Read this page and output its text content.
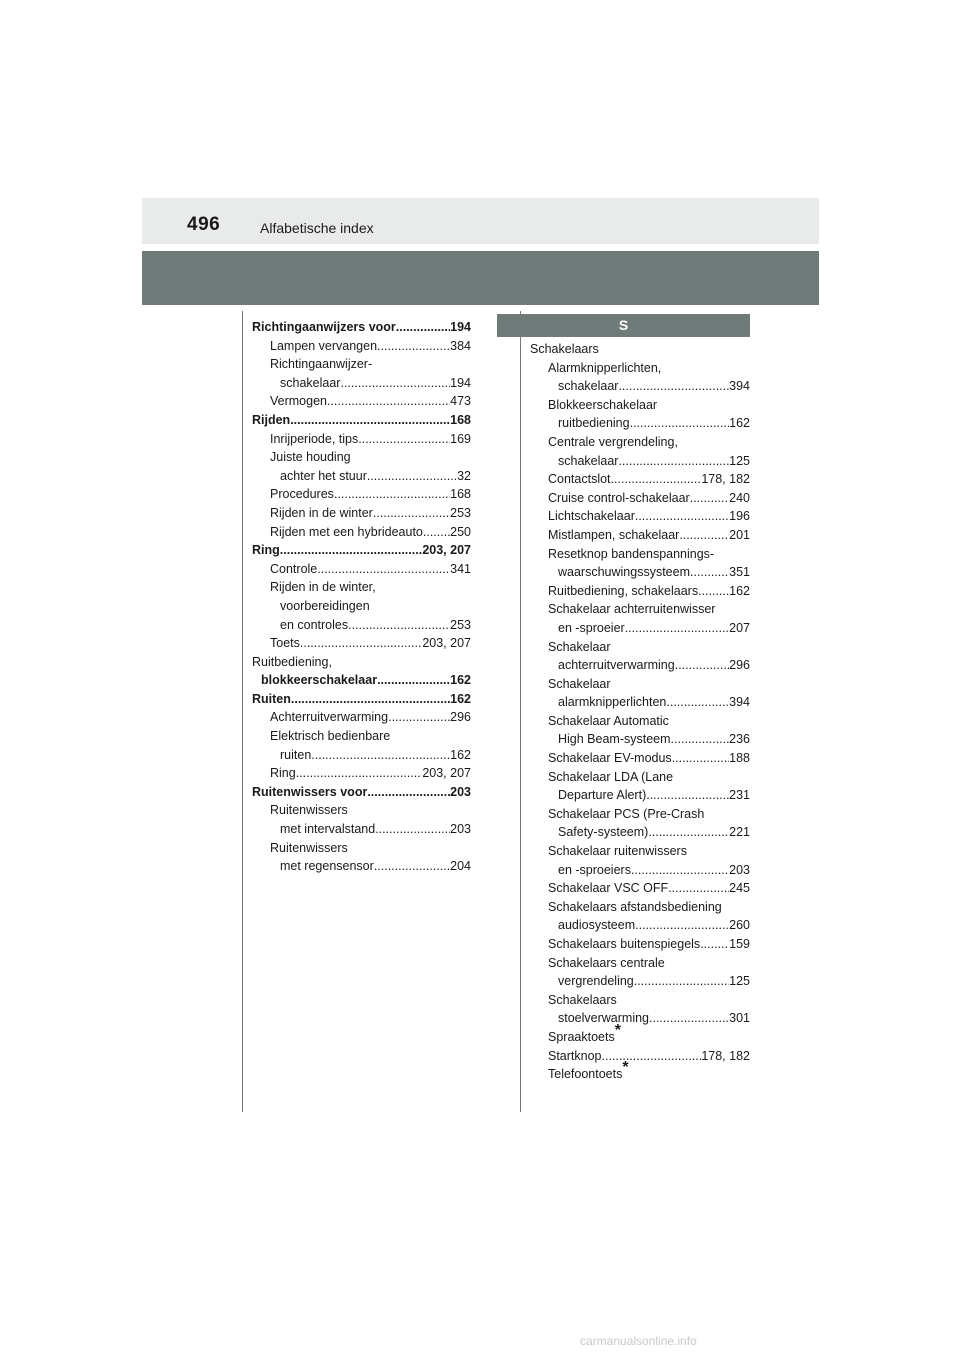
496	Alfabetische index
S
Richtingaanwijzers voor .....	194
Lampen vervangen .....	384
Richtingaanwijzer-
schakelaar .....	194
Vermogen .....	473
Rijden .....	168
Inrijperiode, tips .....	169
Juiste houding
achter het stuur .....	32
Procedures .....	168
Rijden in de winter .....	253
Rijden met een hybrideauto ..... 250
Ring .....	203, 207
Controle .....	341
Rijden in de winter,
voorbereidingen
en controles .....	253
Toets .....	203, 207
Ruitbediening,
blokkeerschakelaar .....	162
Ruiten .....	162
Achterruitverwarming .....	296
Elektrisch bedienbare
ruiten .....	162
Ring .....	203, 207
Ruitenwissers voor .....	203
Ruitenwissers
met intervalstand .....	203
Ruitenwissers
met regensensor .....	204
Schakelaars
Alarmknipperlichten,
schakelaar .....	394
Blokkeerschakelaar
ruitbediening .....	162
Centrale vergrendeling,
schakelaar .....	125
Contactslot .....	178, 182
Cruise control-schakelaar .....	240
Lichtschakelaar .....	196
Mistlampen, schakelaar .....	201
Resetknop bandenspannings-
waarschuwingssysteem .....	351
Ruitbediening, schakelaars ..... 162
Schakelaar achterruitenwisser
en -sproeier .....	207
Schakelaar
achterruitverwarming .....	296
Schakelaar
alarmknipperlichten .....	394
Schakelaar Automatic
High Beam-systeem .....	236
Schakelaar EV-modus .....	188
Schakelaar LDA (Lane
Departure Alert) .....	231
Schakelaar PCS (Pre-Crash
Safety-systeem) .....	221
Schakelaar ruitenwissers
en -sproeiers .....	203
Schakelaar VSC OFF .....	245
Schakelaars afstandsbediening
audiosysteem .....	260
Schakelaars buitenspiegels ..... 159
Schakelaars centrale
vergrendeling .....	125
Schakelaars
stoelverwarming .....	301
Spraaktoets*
Startknop .....	178, 182
Telefoontoets*
carmanualsonline.info
